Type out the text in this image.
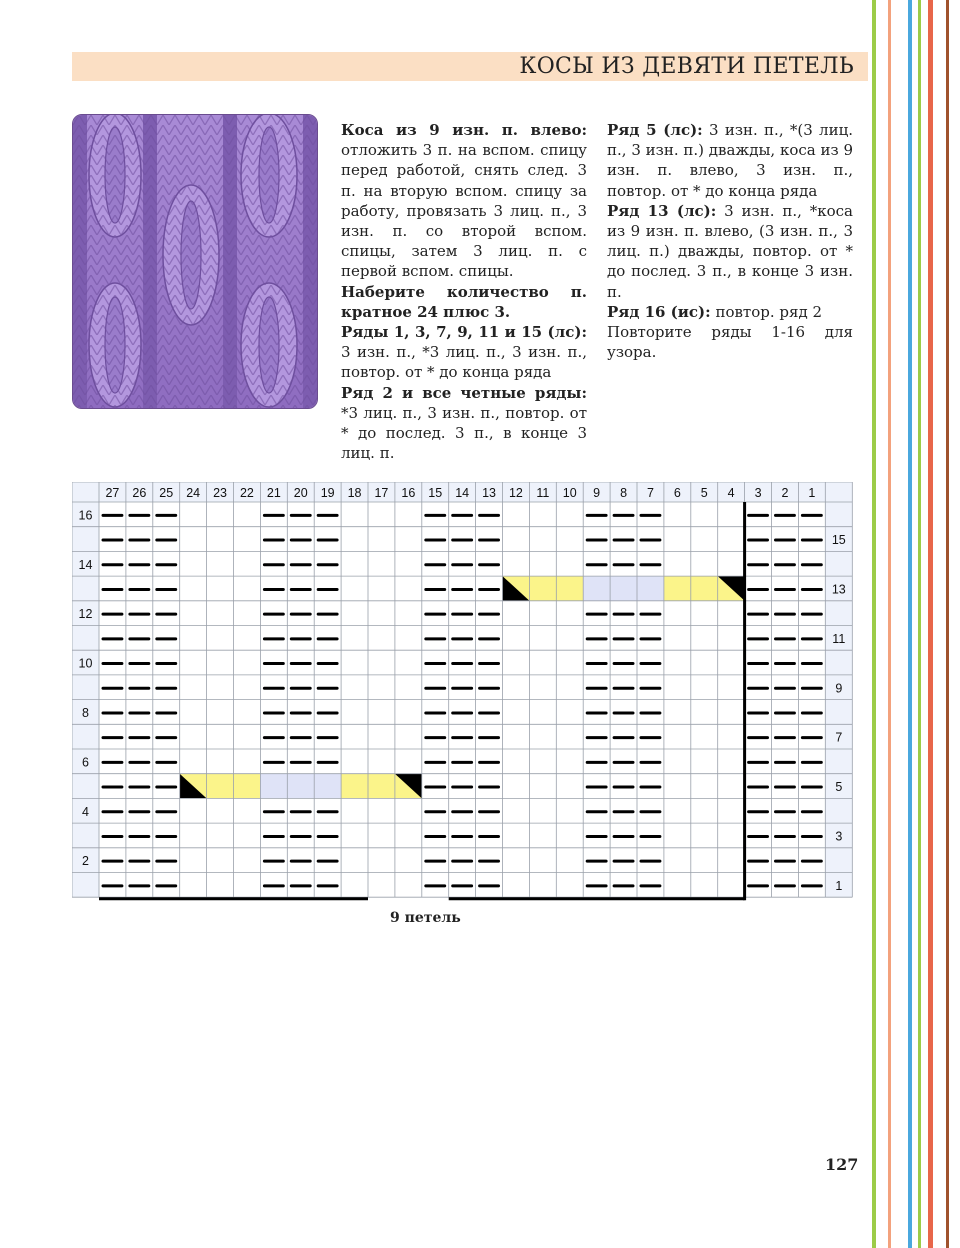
КОСЫ ИЗ ДЕВЯТИ ПЕТЕЛЬ

Коса из 9 изн. п. влево: отложить 3 п. на вспом. спицу перед работой, снять след. 3 п. на вторую вспом. спицу за работу, провязать 3 лиц. п., 3 изн. п. со второй вспом. спицы, затем 3 лиц. п. с первой вспом. спицы.

Наберите количество п. кратное 24 плюс 3.

Ряды 1, 3, 7, 9, 11 и 15 (лс): 3 изн. п., *3 лиц. п., 3 изн. п., повтор. от * до конца ряда

Ряд 2 и все четные ряды: *3 лиц. п., 3 изн. п., повтор. от * до послед. 3 п., в конце 3 лиц. п.

Ряд 5 (лс): 3 изн. п., *(3 лиц. п., 3 изн. п.) дважды, коса из 9 изн. п. влево, 3 изн. п., повтор. от * до конца ряда

Ряд 13 (лс): 3 изн. п., *коса из 9 изн. п. влево, (3 изн. п., 3 лиц. п.) дважды, повтор. от * до послед. 3 п., в конце 3 изн. п.

Ряд 16 (ис): повтор. ряд 2

Повторите ряды 1-16 для узора.

27 26 25 24 23 22 21 20 19 18 17 16 15 14 13 12 11 10 9 8 7 6 5 4 3 2 1
16
14
12
10
8
6
4
2
15
13
11
9
7
5
3
1
9 петель
127
